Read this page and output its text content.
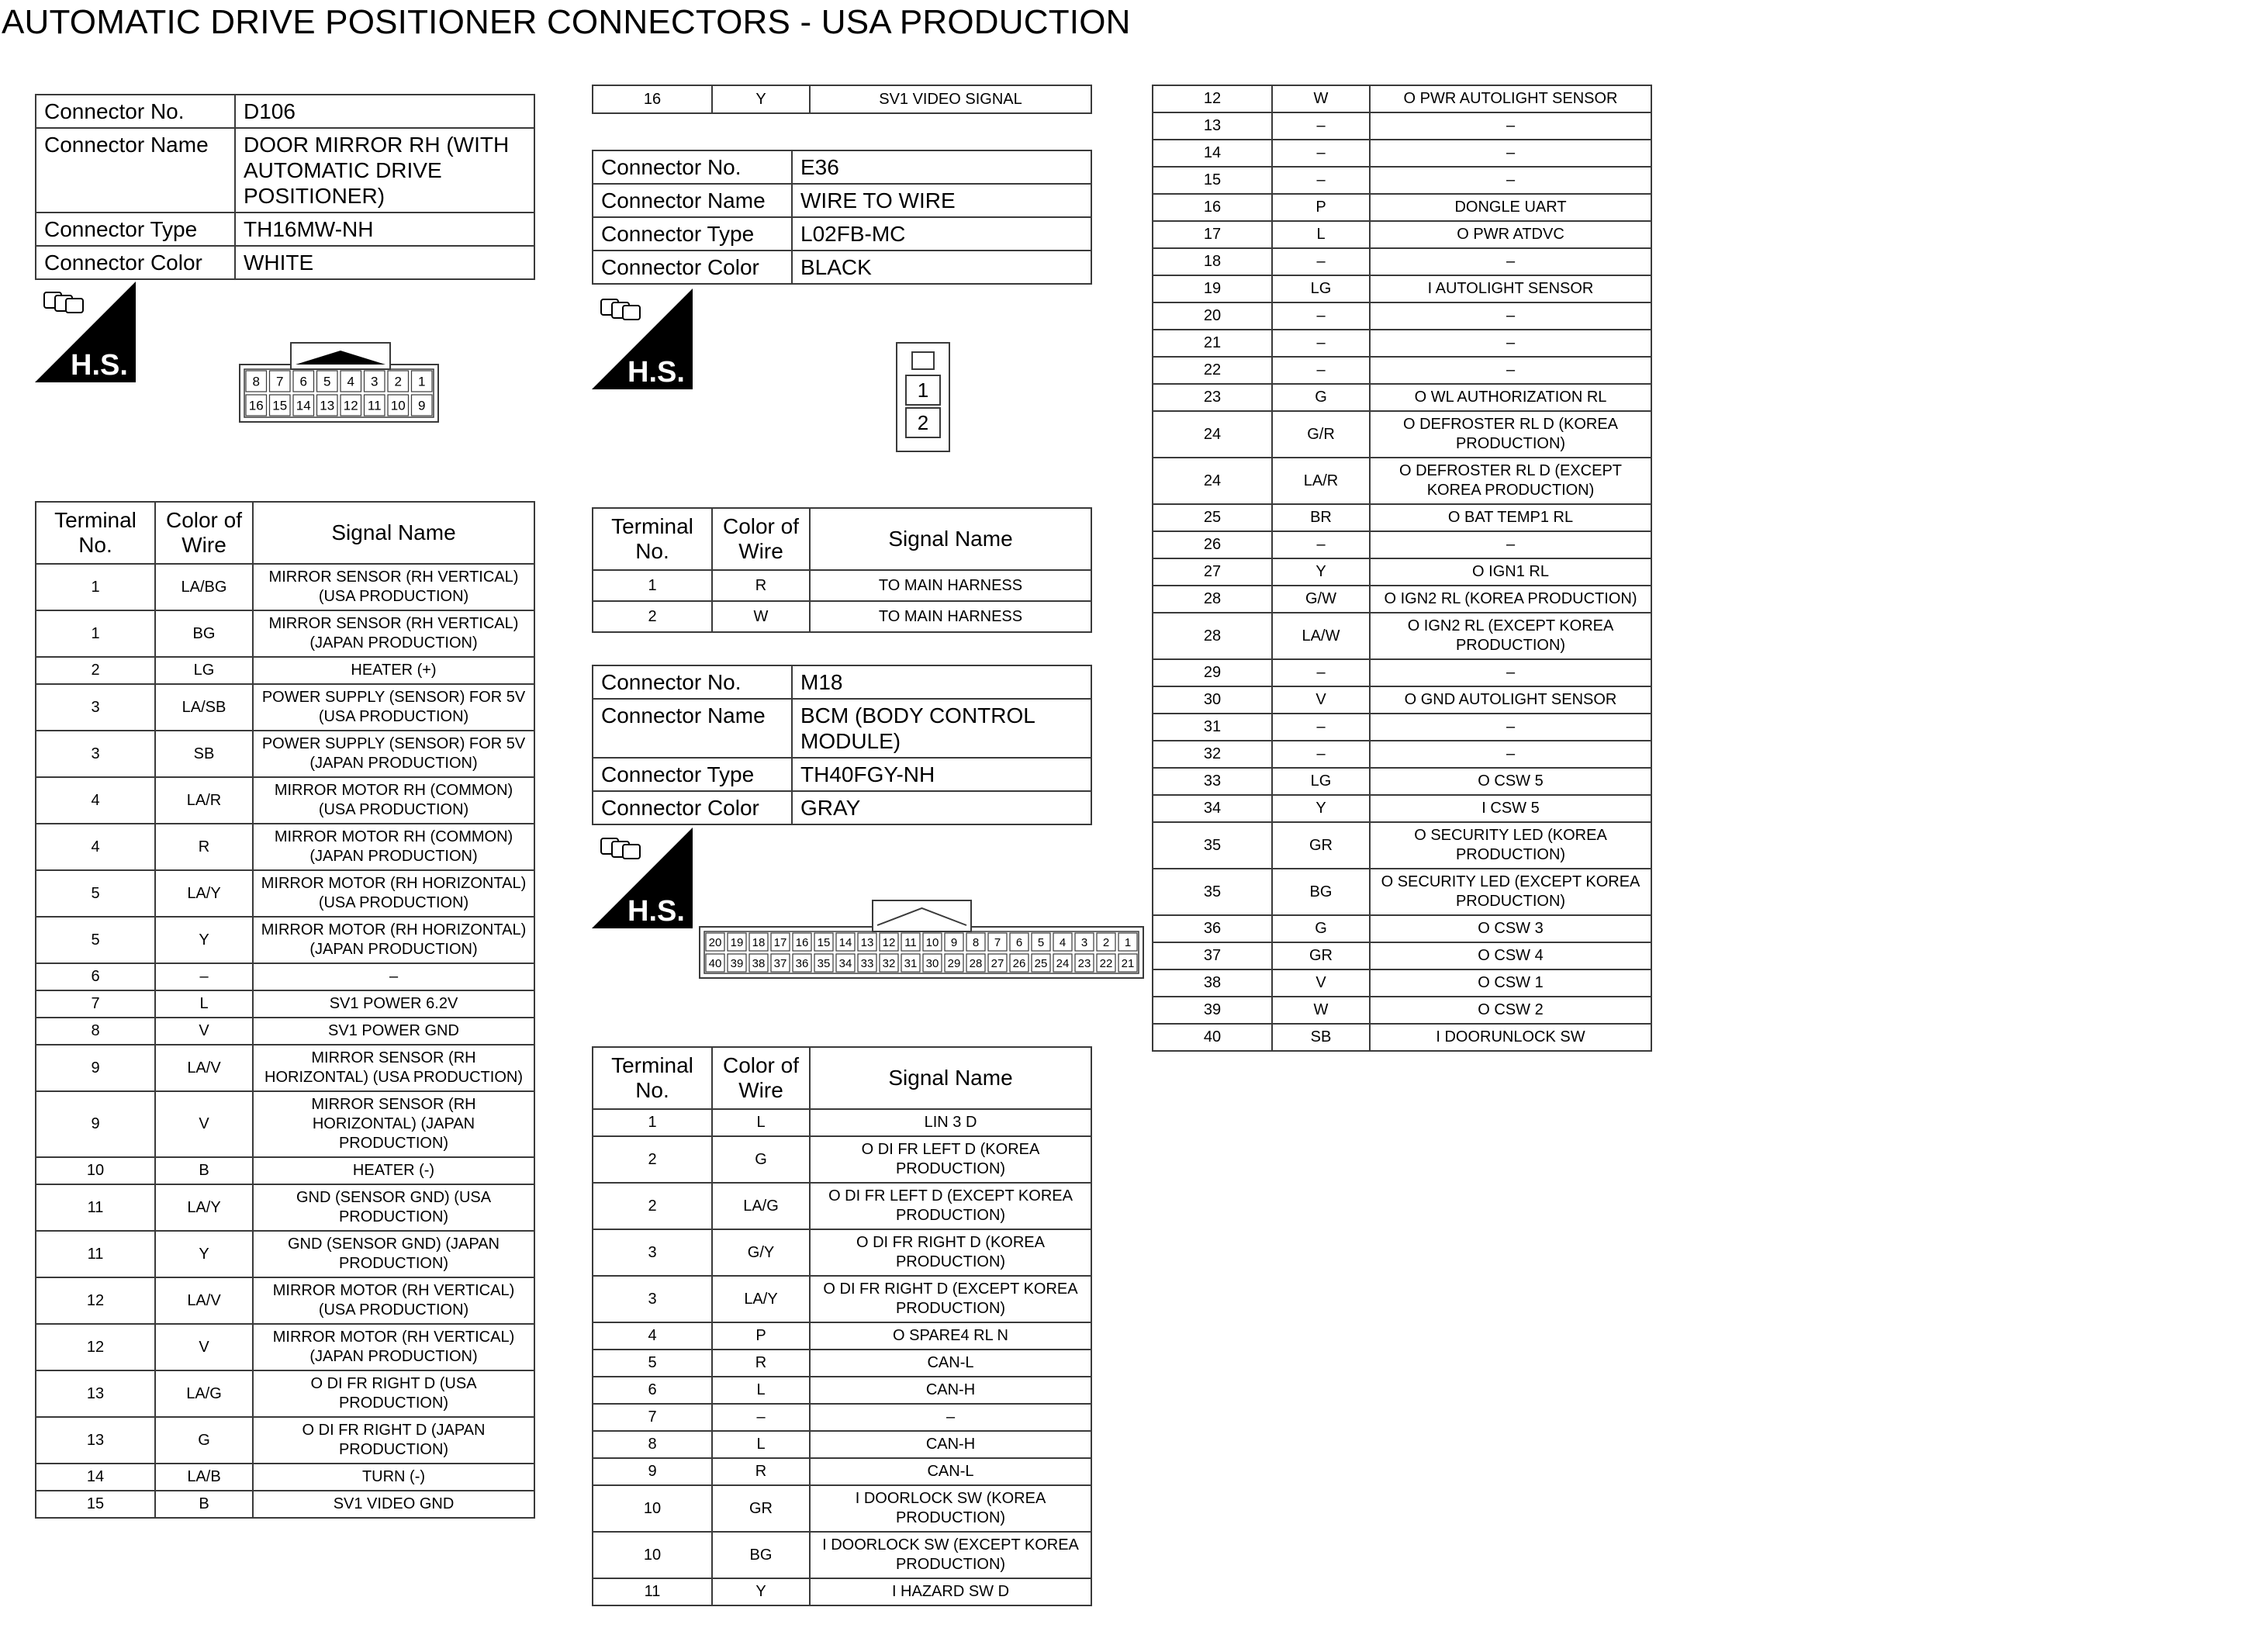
AUTOMATIC DRIVE POSITIONER CONNECTORS - USA PRODUCTION
Connector No.	D106
Connector Name	DOOR MIRROR RH (WITH AUTOMATIC DRIVE POSITIONER)
Connector Type	TH16MW-NH
Connector Color	WHITE
H.S.
8 7 6 5 4 3 2 1
16 15 14 13 12 11 10 9
Terminal No.	Color of Wire	Signal Name
1	LA/BG	MIRROR SENSOR (RH VERTICAL) (USA PRODUCTION)
1	BG	MIRROR SENSOR (RH VERTICAL) (JAPAN PRODUCTION)
2	LG	HEATER (+)
3	LA/SB	POWER SUPPLY (SENSOR) FOR 5V (USA PRODUCTION)
3	SB	POWER SUPPLY (SENSOR) FOR 5V (JAPAN PRODUCTION)
4	LA/R	MIRROR MOTOR RH (COMMON) (USA PRODUCTION)
4	R	MIRROR MOTOR RH (COMMON) (JAPAN PRODUCTION)
5	LA/Y	MIRROR MOTOR (RH HORIZONTAL) (USA PRODUCTION)
5	Y	MIRROR MOTOR (RH HORIZONTAL) (JAPAN PRODUCTION)
6	–	–
7	L	SV1 POWER 6.2V
8	V	SV1 POWER GND
9	LA/V	MIRROR SENSOR (RH HORIZONTAL) (USA PRODUCTION)
9	V	MIRROR SENSOR (RH HORIZONTAL) (JAPAN PRODUCTION)
10	B	HEATER (-)
11	LA/Y	GND (SENSOR GND) (USA PRODUCTION)
11	Y	GND (SENSOR GND) (JAPAN PRODUCTION)
12	LA/V	MIRROR MOTOR (RH VERTICAL) (USA PRODUCTION)
12	V	MIRROR MOTOR (RH VERTICAL) (JAPAN PRODUCTION)
13	LA/G	O DI FR RIGHT D (USA PRODUCTION)
13	G	O DI FR RIGHT D (JAPAN PRODUCTION)
14	LA/B	TURN (-)
15	B	SV1 VIDEO GND
16	Y	SV1 VIDEO SIGNAL
Connector No.	E36
Connector Name	WIRE TO WIRE
Connector Type	L02FB-MC
Connector Color	BLACK
H.S.
1
2
Terminal No.	Color of Wire	Signal Name
1	R	TO MAIN HARNESS
2	W	TO MAIN HARNESS
Connector No.	M18
Connector Name	BCM (BODY CONTROL MODULE)
Connector Type	TH40FGY-NH
Connector Color	GRAY
H.S.
20 19 18 17 16 15 14 13 12 11 10 9 8 7 6 5 4 3 2 1
40 39 38 37 36 35 34 33 32 31 30 29 28 27 26 25 24 23 22 21
Terminal No.	Color of Wire	Signal Name
1	L	LIN 3 D
2	G	O DI FR LEFT D (KOREA PRODUCTION)
2	LA/G	O DI FR LEFT D (EXCEPT KOREA PRODUCTION)
3	G/Y	O DI FR RIGHT D (KOREA PRODUCTION)
3	LA/Y	O DI FR RIGHT D (EXCEPT KOREA PRODUCTION)
4	P	O SPARE4 RL N
5	R	CAN-L
6	L	CAN-H
7	–	–
8	L	CAN-H
9	R	CAN-L
10	GR	I DOORLOCK SW (KOREA PRODUCTION)
10	BG	I DOORLOCK SW (EXCEPT KOREA PRODUCTION)
11	Y	I HAZARD SW D
12	W	O PWR AUTOLIGHT SENSOR
13	–	–
14	–	–
15	–	–
16	P	DONGLE UART
17	L	O PWR ATDVC
18	–	–
19	LG	I AUTOLIGHT SENSOR
20	–	–
21	–	–
22	–	–
23	G	O WL AUTHORIZATION RL
24	G/R	O DEFROSTER RL D (KOREA PRODUCTION)
24	LA/R	O DEFROSTER RL D (EXCEPT KOREA PRODUCTION)
25	BR	O BAT TEMP1 RL
26	–	–
27	Y	O IGN1 RL
28	G/W	O IGN2 RL (KOREA PRODUCTION)
28	LA/W	O IGN2 RL (EXCEPT KOREA PRODUCTION)
29	–	–
30	V	O GND AUTOLIGHT SENSOR
31	–	–
32	–	–
33	LG	O CSW 5
34	Y	I CSW 5
35	GR	O SECURITY LED (KOREA PRODUCTION)
35	BG	O SECURITY LED (EXCEPT KOREA PRODUCTION)
36	G	O CSW 3
37	GR	O CSW 4
38	V	O CSW 1
39	W	O CSW 2
40	SB	I DOORUNLOCK SW
